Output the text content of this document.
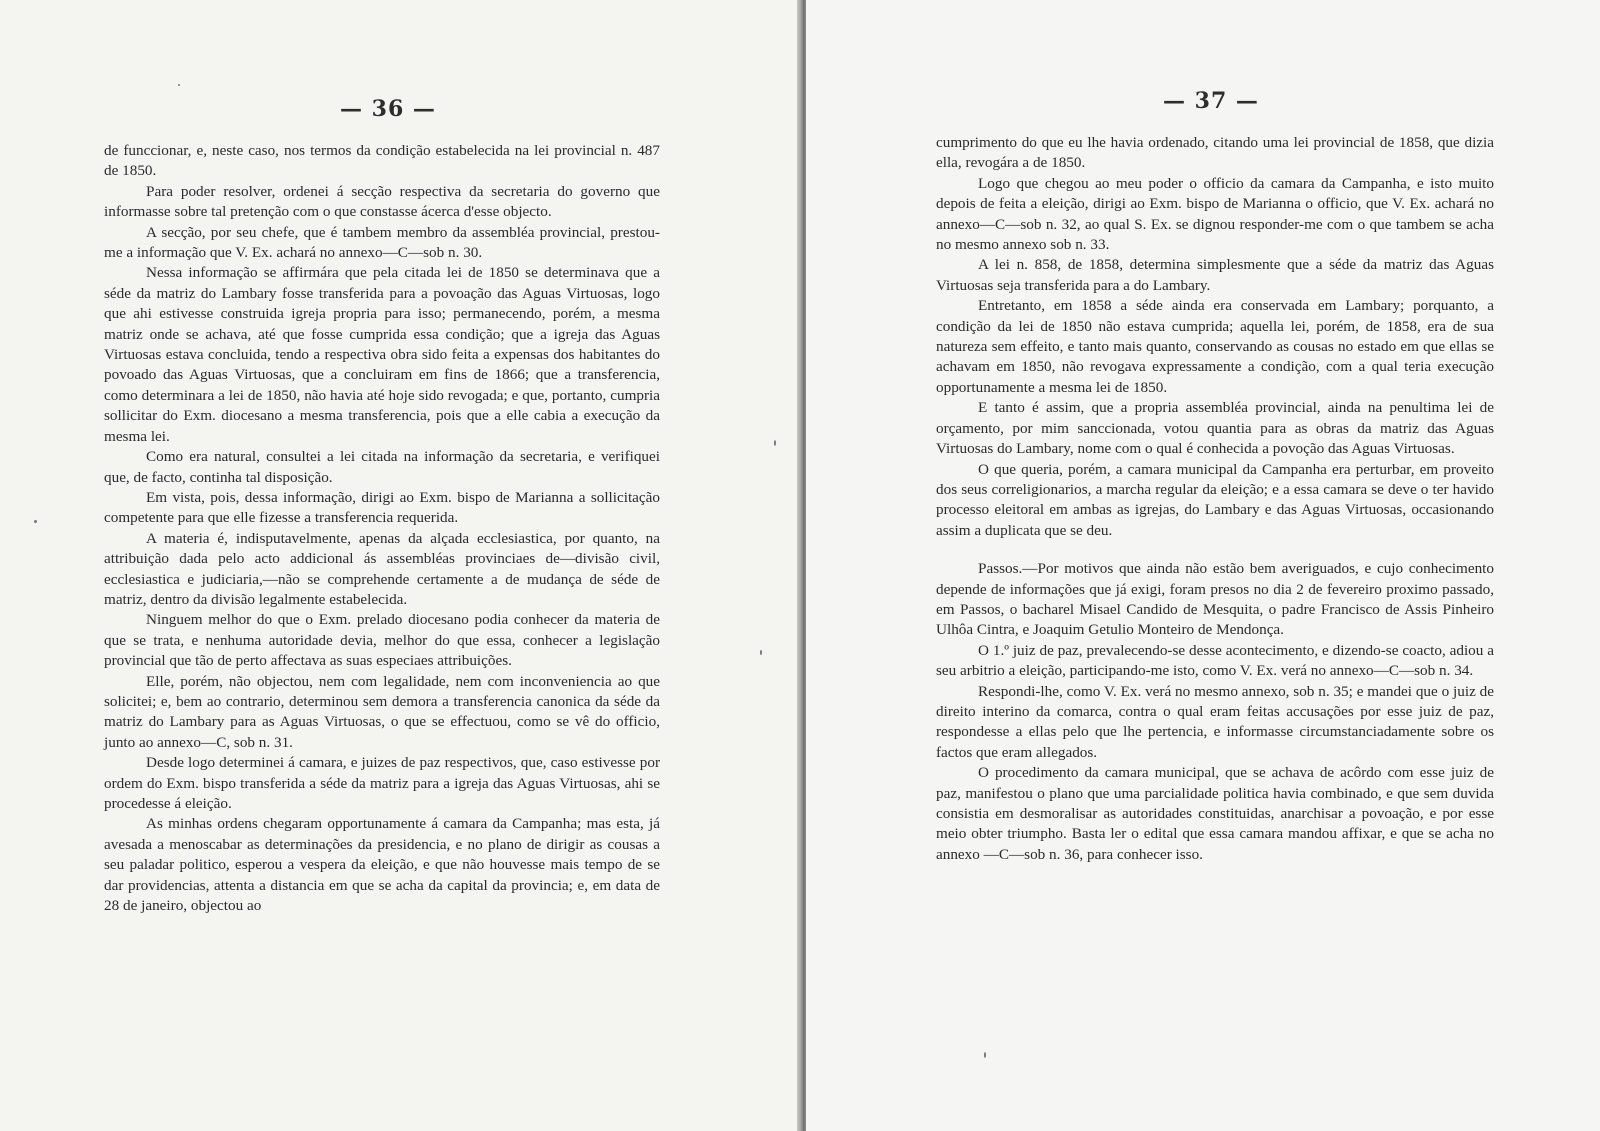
— 36 —

de funccionar, e, neste caso, nos termos da condição estabelecida na lei provincial n. 487 de 1850.

Para poder resolver, ordenei á secção respectiva da secretaria do governo que informasse sobre tal pretenção com o que constasse ácerca d'esse objecto.

A secção, por seu chefe, que é tambem membro da assembléa provincial, prestou-me a informação que V. Ex. achará no annexo—C—sob n. 30.

Nessa informação se affirmára que pela citada lei de 1850 se determinava que a séde da matriz do Lambary fosse transferida para a povoação das Aguas Virtuosas, logo que ahi estivesse construida igreja propria para isso; permanecendo, porém, a mesma matriz onde se achava, até que fosse cumprida essa condição; que a igreja das Aguas Virtuosas estava concluida, tendo a respectiva obra sido feita a expensas dos habitantes do povoado das Aguas Virtuosas, que a concluiram em fins de 1866; que a transferencia, como determinara a lei de 1850, não havia até hoje sido revogada; e que, portanto, cumpria sollicitar do Exm. diocesano a mesma transferencia, pois que a elle cabia a execução da mesma lei.

Como era natural, consultei a lei citada na informação da secretaria, e verifiquei que, de facto, continha tal disposição.

Em vista, pois, dessa informação, dirigi ao Exm. bispo de Marianna a sollicitação competente para que elle fizesse a transferencia requerida.

A materia é, indisputavelmente, apenas da alçada ecclesiastica, por quanto, na attribuição dada pelo acto addicional ás assembléas provinciaes de—divisão civil, ecclesiastica e judiciaria,—não se comprehende certamente a de mudança de séde de matriz, dentro da divisão legalmente estabelecida.

Ninguem melhor do que o Exm. prelado diocesano podia conhecer da materia de que se trata, e nenhuma autoridade devia, melhor do que essa, conhecer a legislação provincial que tão de perto affectava as suas especiaes attribuições.

Elle, porém, não objectou, nem com legalidade, nem com inconveniencia ao que solicitei; e, bem ao contrario, determinou sem demora a transferencia canonica da séde da matriz do Lambary para as Aguas Virtuosas, o que se effectuou, como se vê do officio, junto ao annexo—C, sob n. 31.

Desde logo determinei á camara, e juizes de paz respectivos, que, caso estivesse por ordem do Exm. bispo transferida a séde da matriz para a igreja das Aguas Virtuosas, ahi se procedesse á eleição.

As minhas ordens chegaram opportunamente á camara da Campanha; mas esta, já avesada a menoscabar as determinações da presidencia, e no plano de dirigir as cousas a seu paladar politico, esperou a vespera da eleição, e que não houvesse mais tempo de se dar providencias, attenta a distancia em que se acha da capital da provincia; e, em data de 28 de janeiro, objectou ao

— 37 —

cumprimento do que eu lhe havia ordenado, citando uma lei provincial de 1858, que dizia ella, revogára a de 1850.

Logo que chegou ao meu poder o officio da camara da Campanha, e isto muito depois de feita a eleição, dirigi ao Exm. bispo de Marianna o officio, que V. Ex. achará no annexo—C—sob n. 32, ao qual S. Ex. se dignou responder-me com o que tambem se acha no mesmo annexo sob n. 33.

A lei n. 858, de 1858, determina simplesmente que a séde da matriz das Aguas Virtuosas seja transferida para a do Lambary.

Entretanto, em 1858 a séde ainda era conservada em Lambary; porquanto, a condição da lei de 1850 não estava cumprida; aquella lei, porém, de 1858, era de sua natureza sem effeito, e tanto mais quanto, conservando as cousas no estado em que ellas se achavam em 1850, não revogava expressamente a condição, com a qual teria execução opportunamente a mesma lei de 1850.

E tanto é assim, que a propria assembléa provincial, ainda na penultima lei de orçamento, por mim sanccionada, votou quantia para as obras da matriz das Aguas Virtuosas do Lambary, nome com o qual é conhecida a povoção das Aguas Virtuosas.

O que queria, porém, a camara municipal da Campanha era perturbar, em proveito dos seus correligionarios, a marcha regular da eleição; e a essa camara se deve o ter havido processo eleitoral em ambas as igrejas, do Lambary e das Aguas Virtuosas, occasionando assim a duplicata que se deu.

Passos.—Por motivos que ainda não estão bem averiguados, e cujo conhecimento depende de informações que já exigi, foram presos no dia 2 de fevereiro proximo passado, em Passos, o bacharel Misael Candido de Mesquita, o padre Francisco de Assis Pinheiro Ulhôa Cintra, e Joaquim Getulio Monteiro de Mendonça.

O 1.º juiz de paz, prevalecendo-se desse acontecimento, e dizendo-se coacto, adiou a seu arbitrio a eleição, participando-me isto, como V. Ex. verá no annexo—C—sob n. 34.

Respondi-lhe, como V. Ex. verá no mesmo annexo, sob n. 35; e mandei que o juiz de direito interino da comarca, contra o qual eram feitas accusações por esse juiz de paz, respondesse a ellas pelo que lhe pertencia, e informasse circumstanciadamente sobre os factos que eram allegados.

O procedimento da camara municipal, que se achava de acôrdo com esse juiz de paz, manifestou o plano que uma parcialidade politica havia combinado, e que sem duvida consistia em desmoralisar as autoridades constituidas, anarchisar a povoação, e por esse meio obter triumpho. Basta ler o edital que essa camara mandou affixar, e que se acha no annexo —C—sob n. 36, para conhecer isso.
